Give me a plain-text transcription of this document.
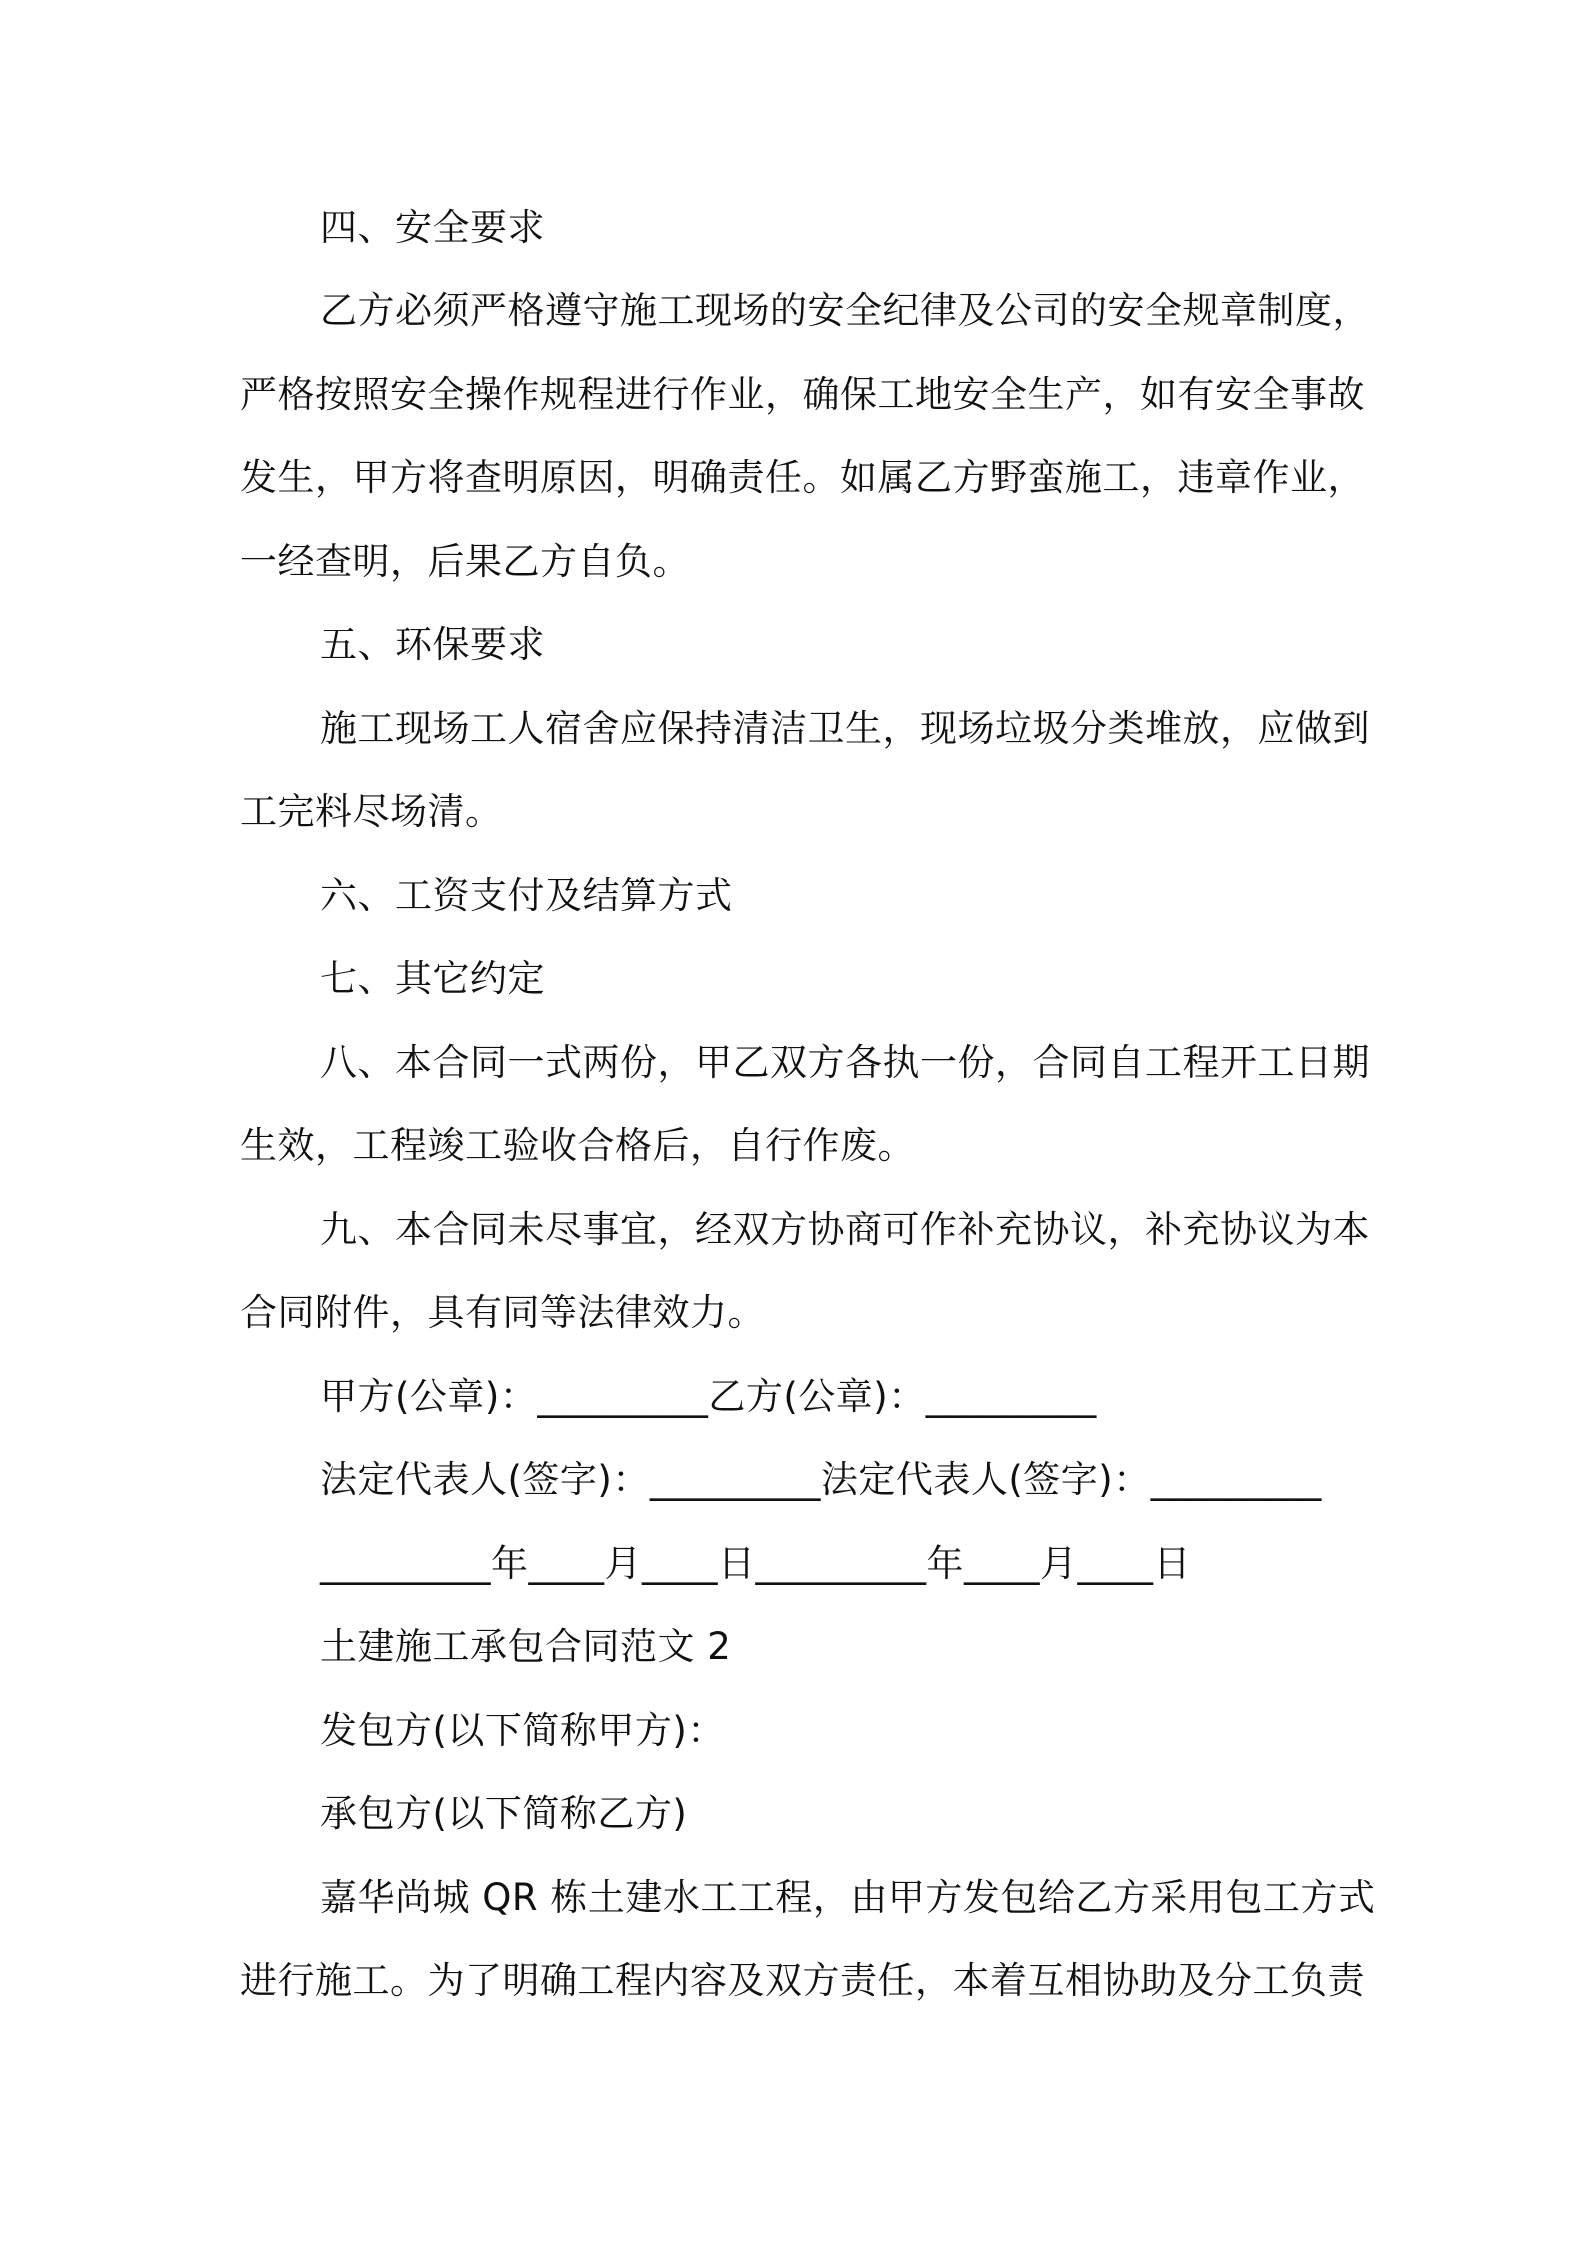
四、安全要求
乙方必须严格遵守施工现场的安全纪律及公司的安全规章制度，
严格按照安全操作规程进行作业，确保工地安全生产，如有安全事故
发生，甲方将查明原因，明确责任。如属乙方野蛮施工，违章作业，
一经查明，后果乙方自负。
五、环保要求
施工现场工人宿舍应保持清洁卫生，现场垃圾分类堆放，应做到
工完料尽场清。
六、工资支付及结算方式
七、其它约定
八、本合同一式两份，甲乙双方各执一份，合同自工程开工日期
生效，工程竣工验收合格后，自行作废。
九、本合同未尽事宜，经双方协商可作补充协议，补充协议为本
合同附件，具有同等法律效力。
甲方(公章)：_________乙方(公章)：_________
法定代表人(签字)：_________法定代表人(签字)：_________
_________年____月____日_________年____月____日
土建施工承包合同范文 2
发包方(以下简称甲方)：
承包方(以下简称乙方)
嘉华尚城 QR 栋土建水工工程，由甲方发包给乙方采用包工方式
进行施工。为了明确工程内容及双方责任，本着互相协助及分工负责
